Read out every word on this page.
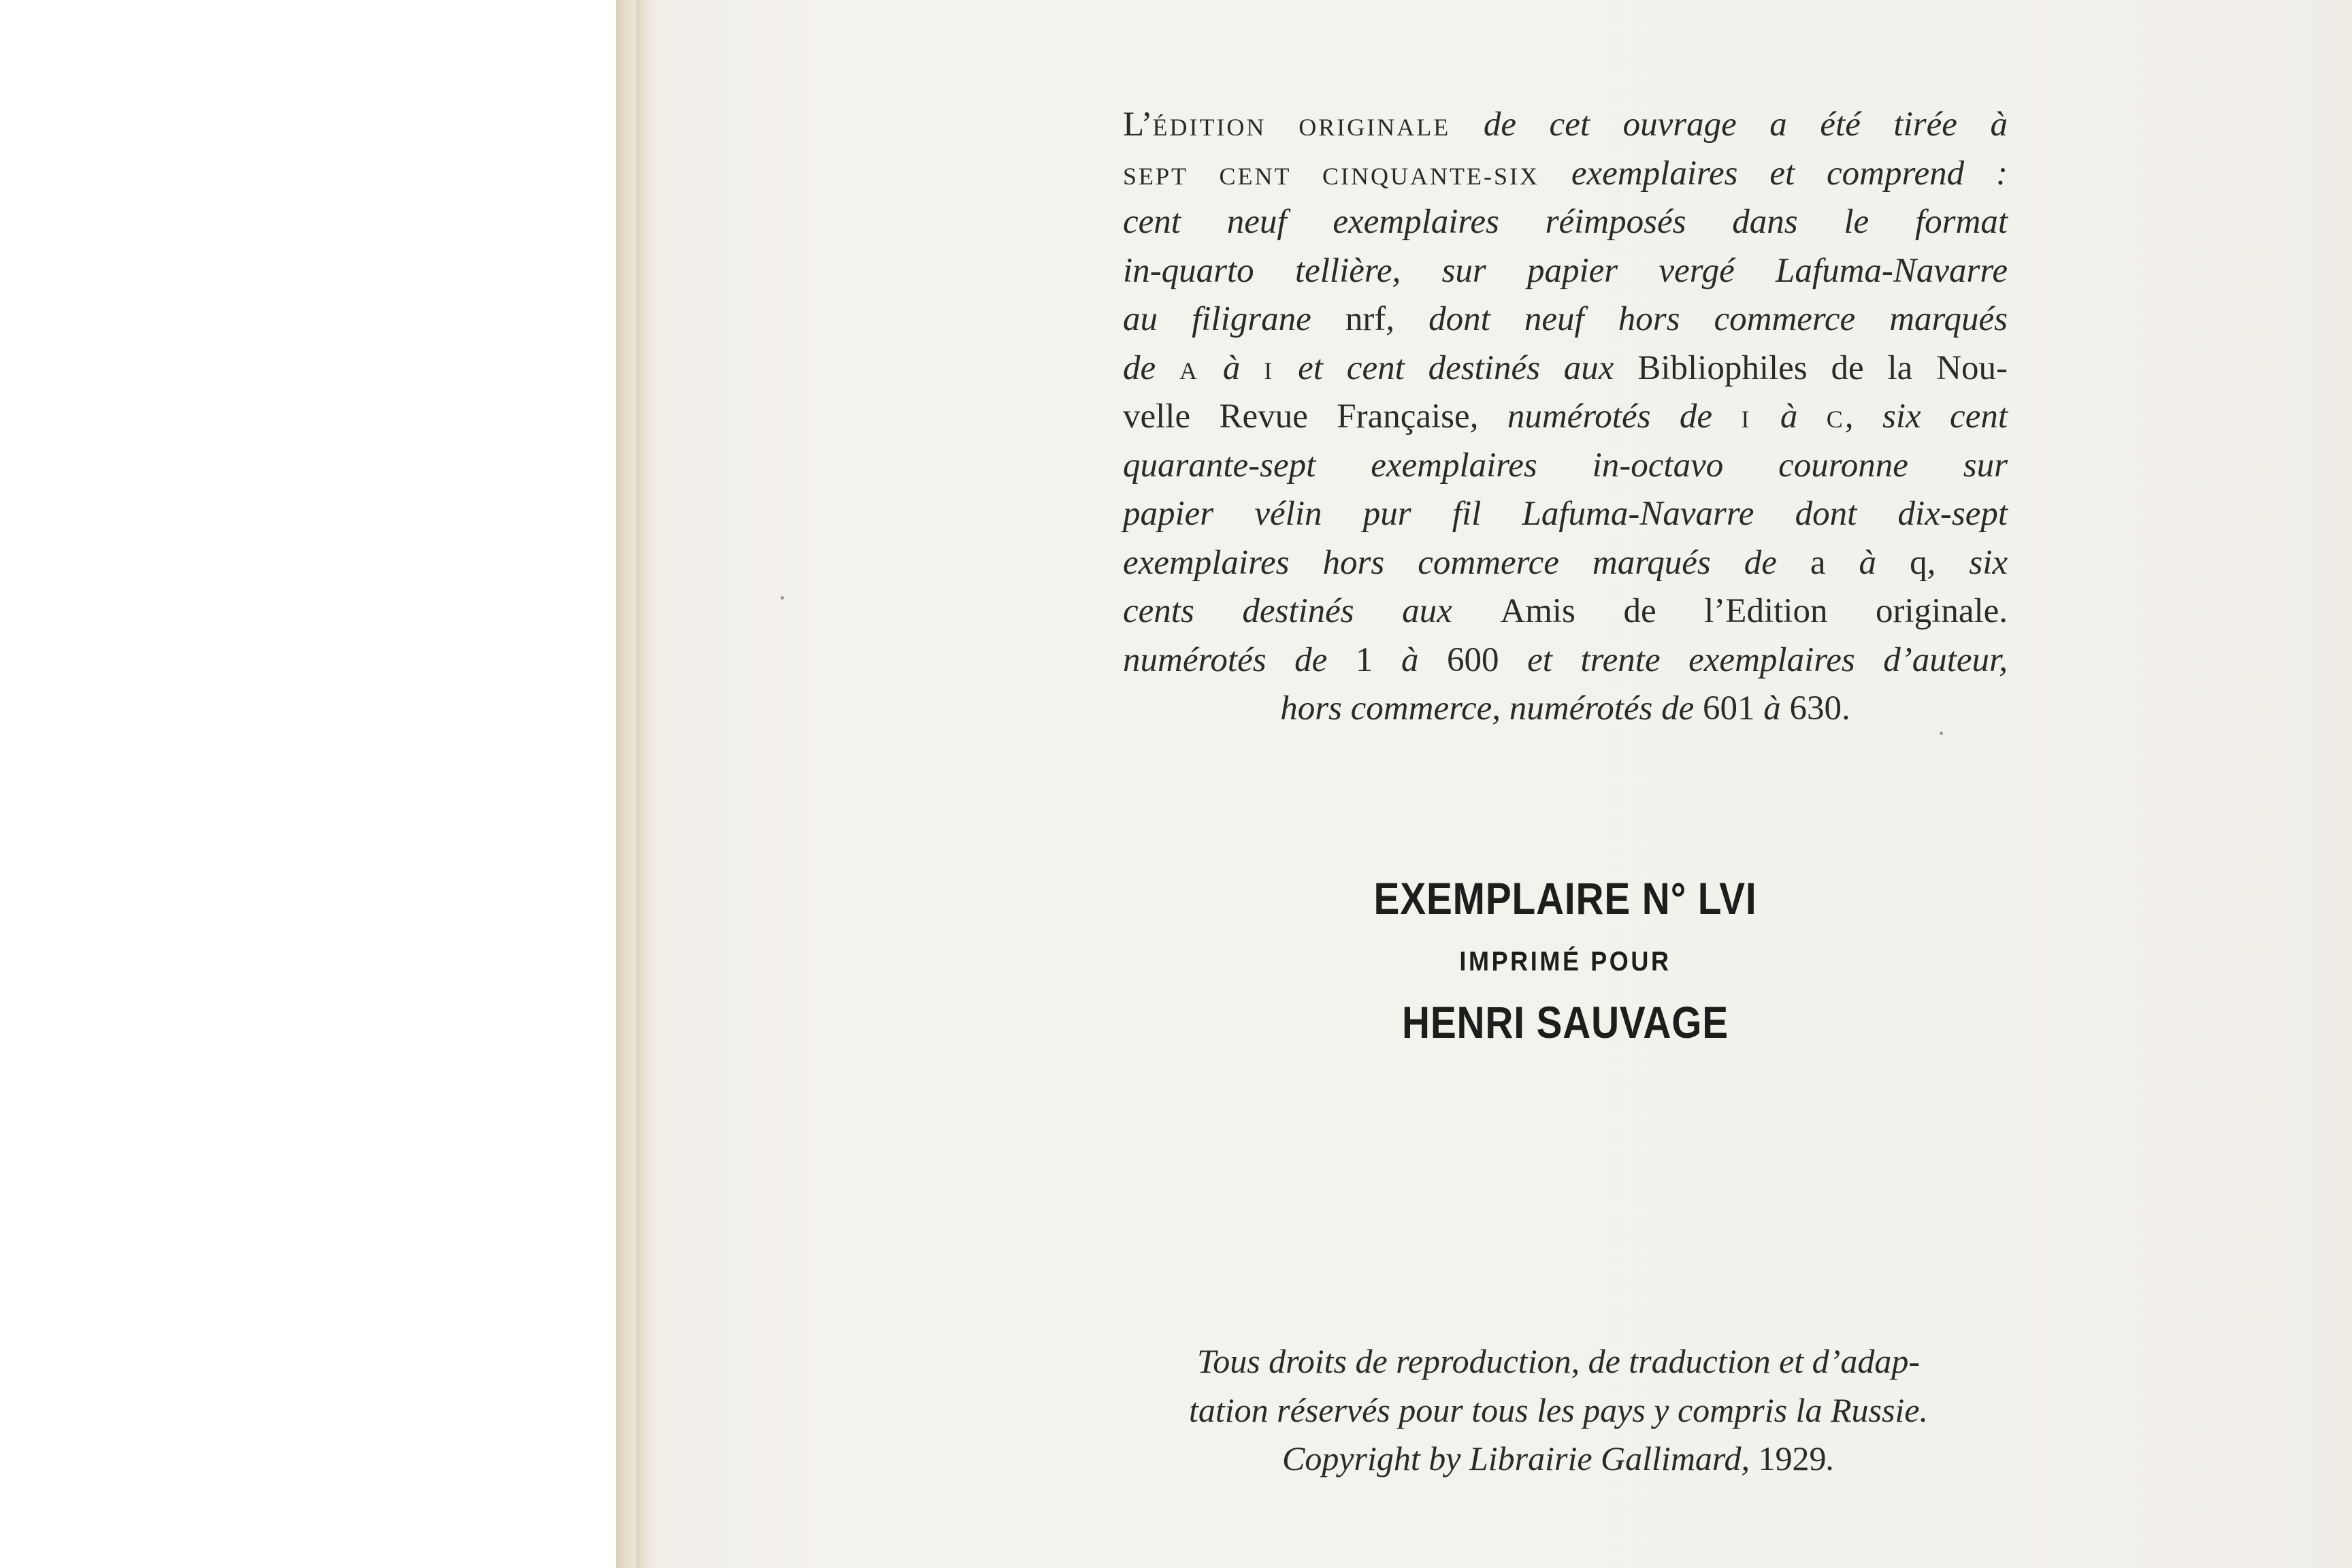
L’ÉDITION ORIGINALE de cet ouvrage a été tirée à
SEPT CENT CINQUANTE-SIX exemplaires et comprend :
cent neuf exemplaires réimposés dans le format
in-quarto tellière, sur papier vergé Lafuma-Navarre
au filigrane nrf, dont neuf hors commerce marqués
de A à I et cent destinés aux Bibliophiles de la Nou-
velle Revue Française, numérotés de I à C, six cent
quarante-sept exemplaires in-octavo couronne sur
papier vélin pur fil Lafuma-Navarre dont dix-sept
exemplaires hors commerce marqués de a à q, six
cents destinés aux Amis de l’Edition originale.
numérotés de 1 à 600 et trente exemplaires d’auteur,
hors commerce, numérotés de 601 à 630.
EXEMPLAIRE N° LVI
IMPRIMÉ POUR
HENRI SAUVAGE
Tous droits de reproduction, de traduction et d’adap-
tation réservés pour tous les pays y compris la Russie.
Copyright by Librairie Gallimard, 1929.
